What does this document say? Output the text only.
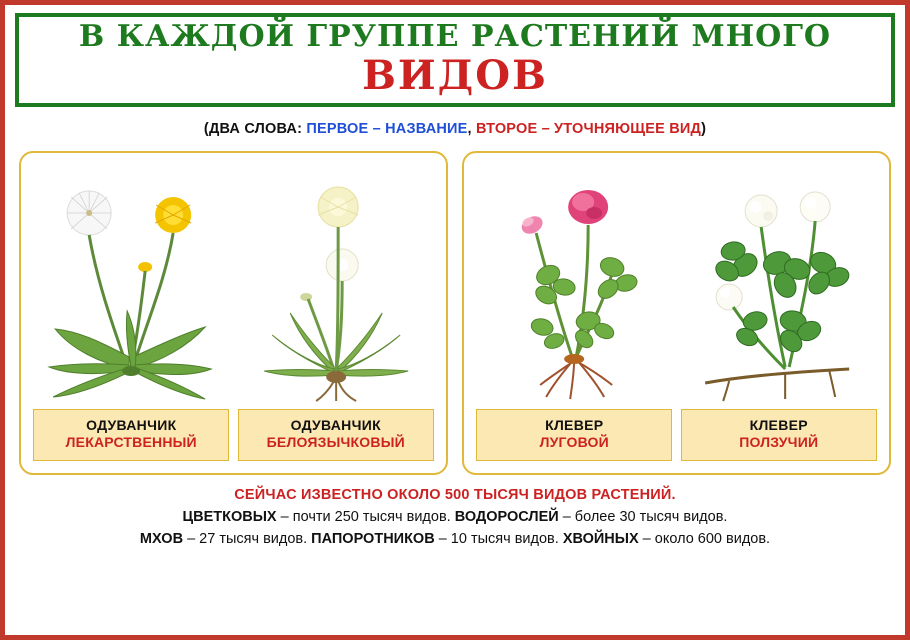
В КАЖДОЙ ГРУППЕ РАСТЕНИЙ МНОГО
ВИДОВ
(ДВА СЛОВА: ПЕРВОЕ – НАЗВАНИЕ, ВТОРОЕ – УТОЧНЯЮЩЕЕ ВИД)
ОДУВАНЧИК
ЛЕКАРСТВЕННЫЙ
ОДУВАНЧИК
БЕЛОЯЗЫЧКОВЫЙ
КЛЕВЕР
ЛУГОВОЙ
КЛЕВЕР
ПОЛЗУЧИЙ
СЕЙЧАС ИЗВЕСТНО ОКОЛО 500 ТЫСЯЧ ВИДОВ РАСТЕНИЙ.
ЦВЕТКОВЫХ – почти 250 тысяч видов. ВОДОРОСЛЕЙ – более 30 тысяч видов.
МХОВ – 27 тысяч видов. ПАПОРОТНИКОВ – 10 тысяч видов. ХВОЙНЫХ – около 600 видов.
